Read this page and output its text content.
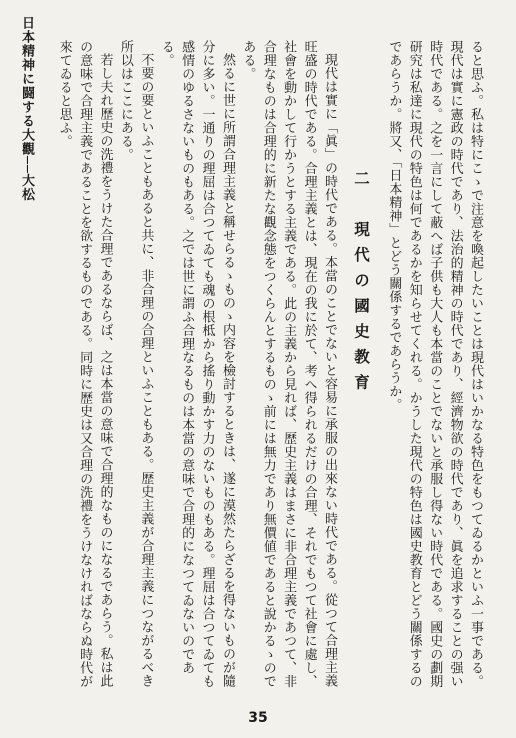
日本精神に闘する大觀──大松	ると思ふ。私は特にこゝで注意を喚起したいことは現代はいかなる特色をもつてゐるかといふ一事である。現代は實に憲政の時代であり、法治的精神の時代であり、經濟物欲の時代であり、眞を追求することの强い時代である。之を一言にして蔽へば子供も大人も本當のことでないと承服し得ない時代である。國史の劃期研究は私達に現代の特色は何であるかを知らせてくれる。かうした現代の特色は國史教育とどう關係するのであらうか。將又、「日本精神」とどう關係するであらうか。

二　現代の國史教育

現代は實に「眞」の時代である。本當のことでないと容易に承服の出來ない時代である。從つて合理主義旺盛の時代である。合理主義とは、現在の我に於て、考へ得られるだけの合理、それでもつて社會に處し、社會を動かして行かうとする主義である。此の主義から見れば、歷史主義はまさに非合理主義であつて、非合理なものは合理的に新たな觀念態をつくらんとするものゝ前には無力であり無價値であると說かるゝのである。

然るに世に所謂合理主義と稱せらるゝものゝ内容を檢討するときは、遂に漠然たらざるを得ないものが隨分に多い。一通りの理屈は合つてゐても魂の根柢から搖り動かす力のないものもある。理屈は合つてゐても感情のゆるさないものもある。之では世に謂ふ合理なるものは本當の意味で合理的になつてゐないのである。

不要の要といふこともあると共に、非合理の合理といふこともある。歷史主義が合理主義につながるべき所以はここにある。

若し夫れ歷史の洗禮をうけた合理であるならば、之は本當の意味で合理的なものになるであらう。私は此の意味で合理主義であることを欲するものである。同時に歷史は又合理の洗禮をうけなければならぬ時代が來てゐると思ふ。

35
